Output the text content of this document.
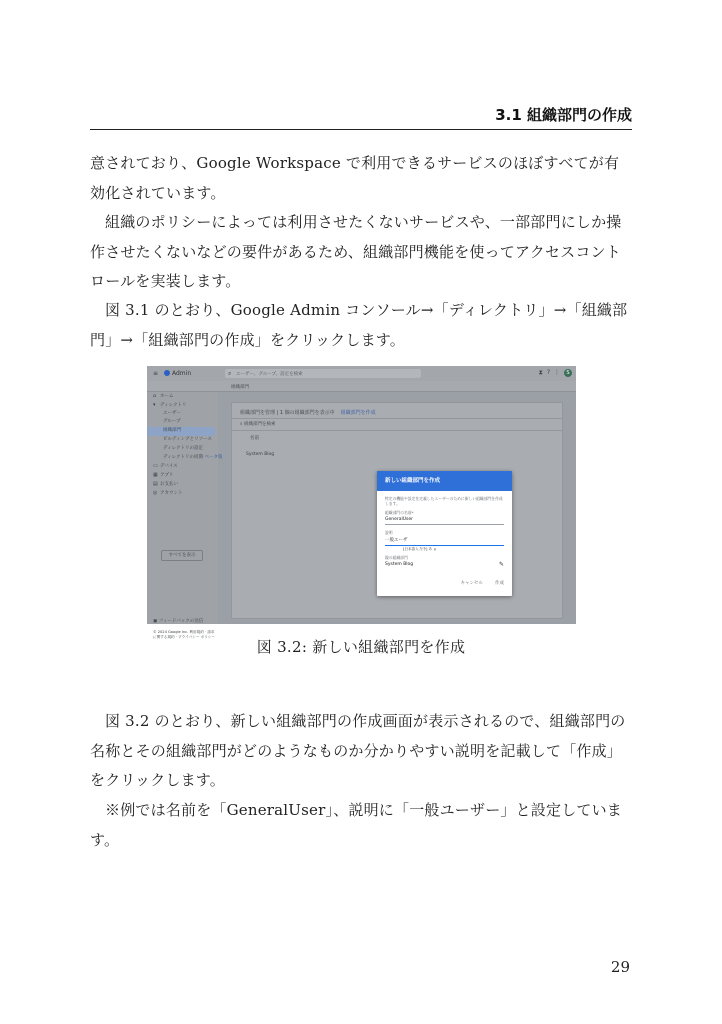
3.1 組織部門の作成
意されており、Google Workspace で利用できるサービスのほぼすべてが有効化されています。
組織のポリシーによっては利用させたくないサービスや、一部部門にしか操作させたくないなどの要件があるため、組織部門機能を使ってアクセスコントロールを実装します。
図 3.1 のとおり、Google Admin コンソール→「ディレクトリ」→「組織部門」→「組織部門の作成」をクリックします。
≡ Admin	⌕ ユーザー、グループ、設定を検索	⧗ ? ⋮	S
組織部門
⌂ ホーム
▾ ディレクトリ
ユーザー
グループ
組織部門
ビルディングとリソース
ディレクトリの設定
ディレクトリの同期 ベータ版
▭ デバイス
▦ アプリ
▤ お支払い
◎ アカウント
すべてを表示
▣ フィードバックの送信
© 2024 Google Inc. 利用規約 · 請求に関する規約 · プライバシー ポリシー
組織部門を管理 | 1 個の組織部門を表示中 組織部門を作成
⌕ 組織部門を検索
名前
System Blog
新しい組織部門を作成
特定の機能や設定を定義したユーザーのために新しい組織部門を作成します。
組織部門の名前*
GeneralUser
説明
一般ユーザ
[日本語入力中] あ ぁ
親の組織部門
System Blog	✎
キャンセル	作成
図 3.2: 新しい組織部門を作成
図 3.2 のとおり、新しい組織部門の作成画面が表示されるので、組織部門の名称とその組織部門がどのようなものか分かりやすい説明を記載して「作成」をクリックします。
※例では名前を「GeneralUser」、説明に「一般ユーザー」と設定しています。
29
